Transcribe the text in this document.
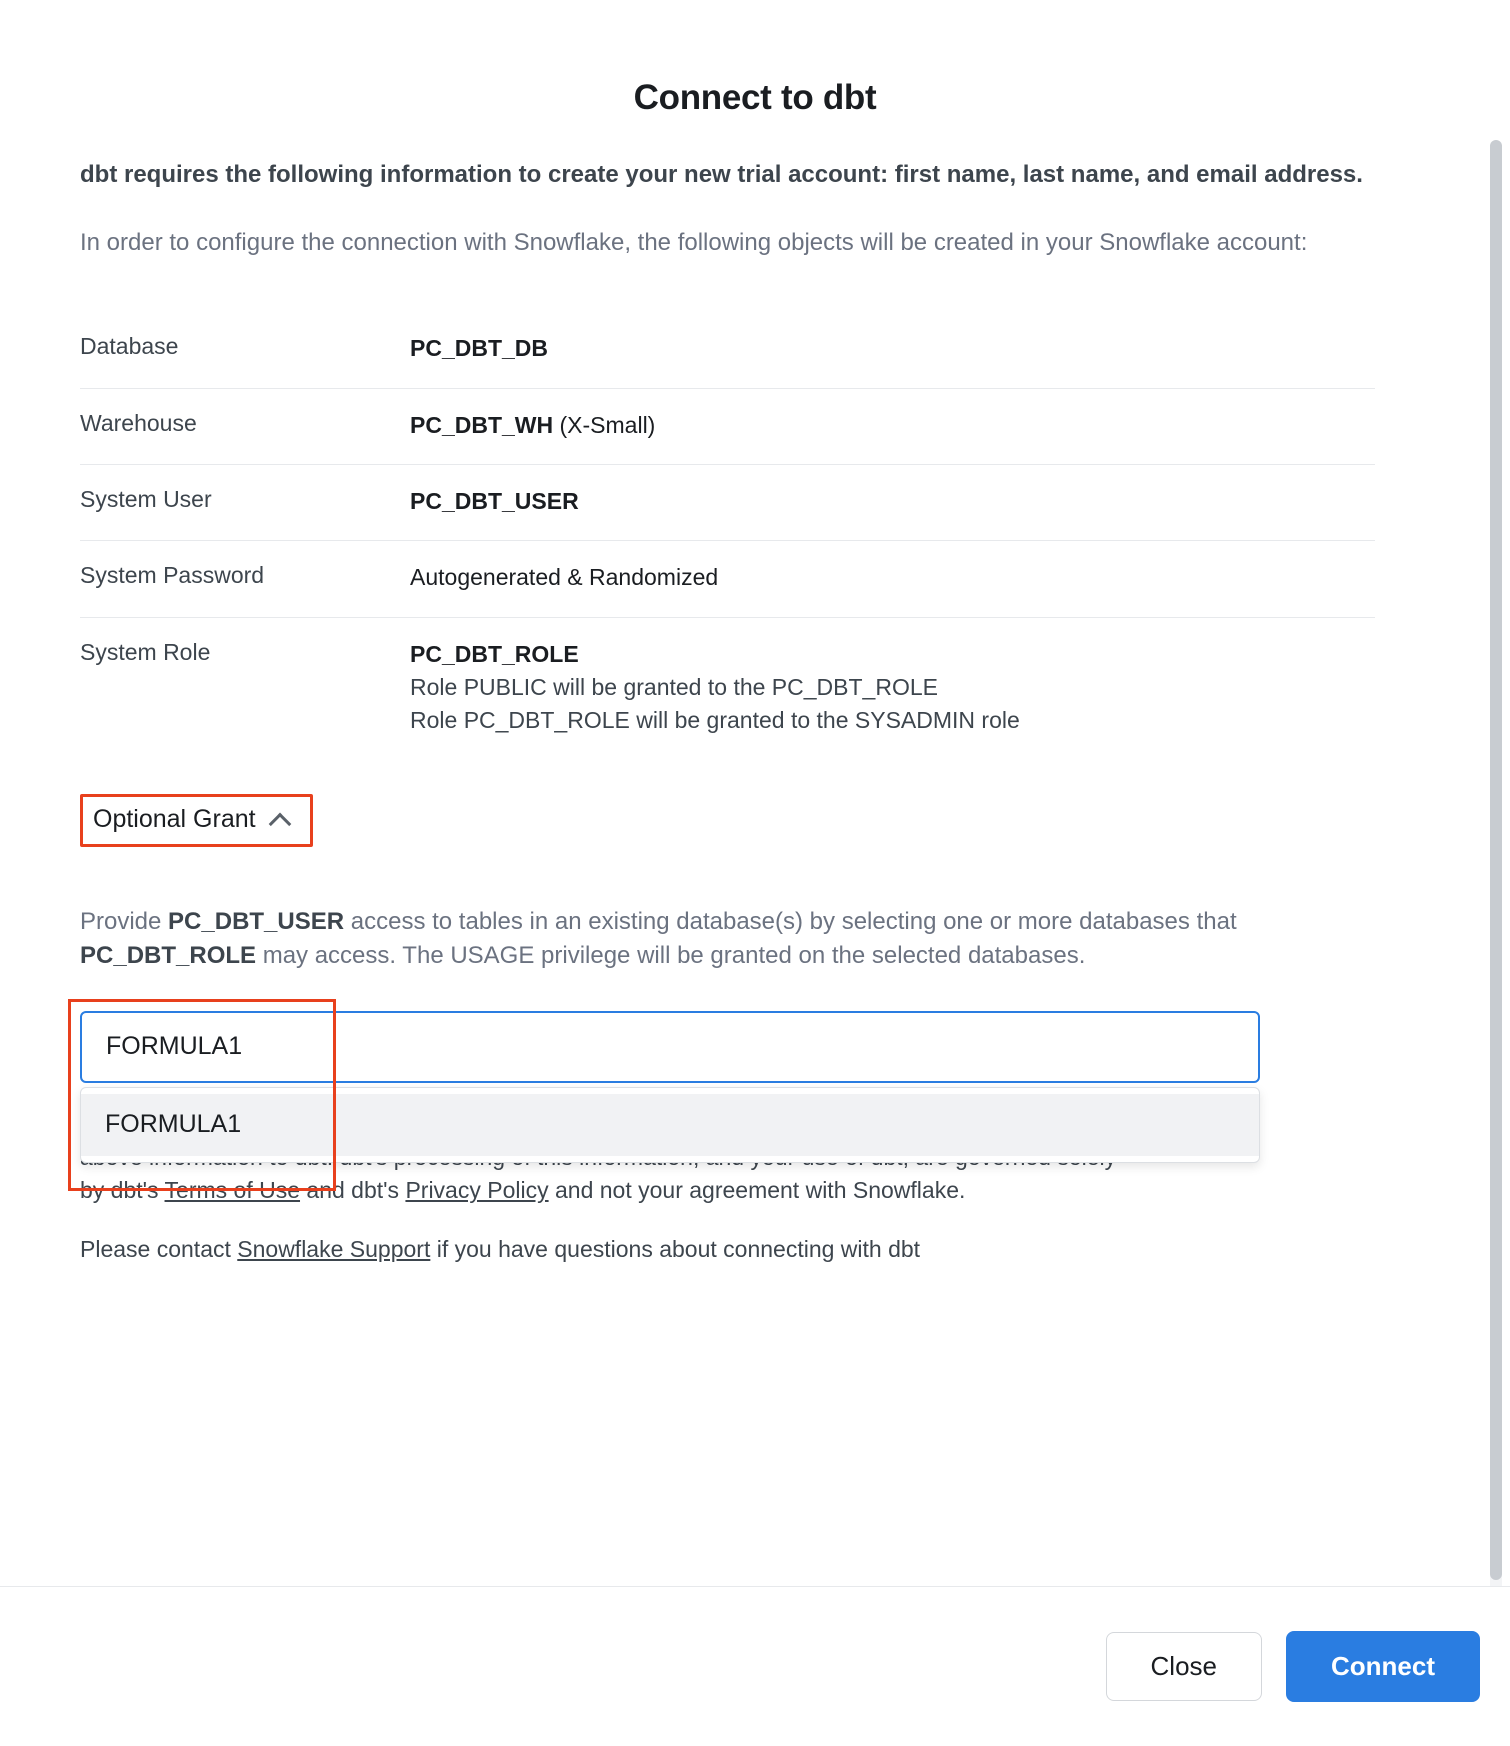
Connect to dbt
dbt requires the following information to create your new trial account: first name, last name, and email address.
In order to configure the connection with Snowflake, the following objects will be created in your Snowflake account:
Database	PC_DBT_DB
Warehouse	PC_DBT_WH (X-Small)
System User	PC_DBT_USER
System Password	Autogenerated & Randomized
System Role	PC_DBT_ROLE
Role PUBLIC will be granted to the PC_DBT_ROLE
Role PC_DBT_ROLE will be granted to the SYSADMIN role
Optional Grant
Provide PC_DBT_USER access to tables in an existing database(s) by selecting one or more databases that PC_DBT_ROLE may access. The USAGE privilege will be granted on the selected databases.
FORMULA1
FORMULA1
by dbt's Terms of Use and dbt's Privacy Policy and not your agreement with Snowflake.
Please contact Snowflake Support if you have questions about connecting with dbt
Close	Connect
